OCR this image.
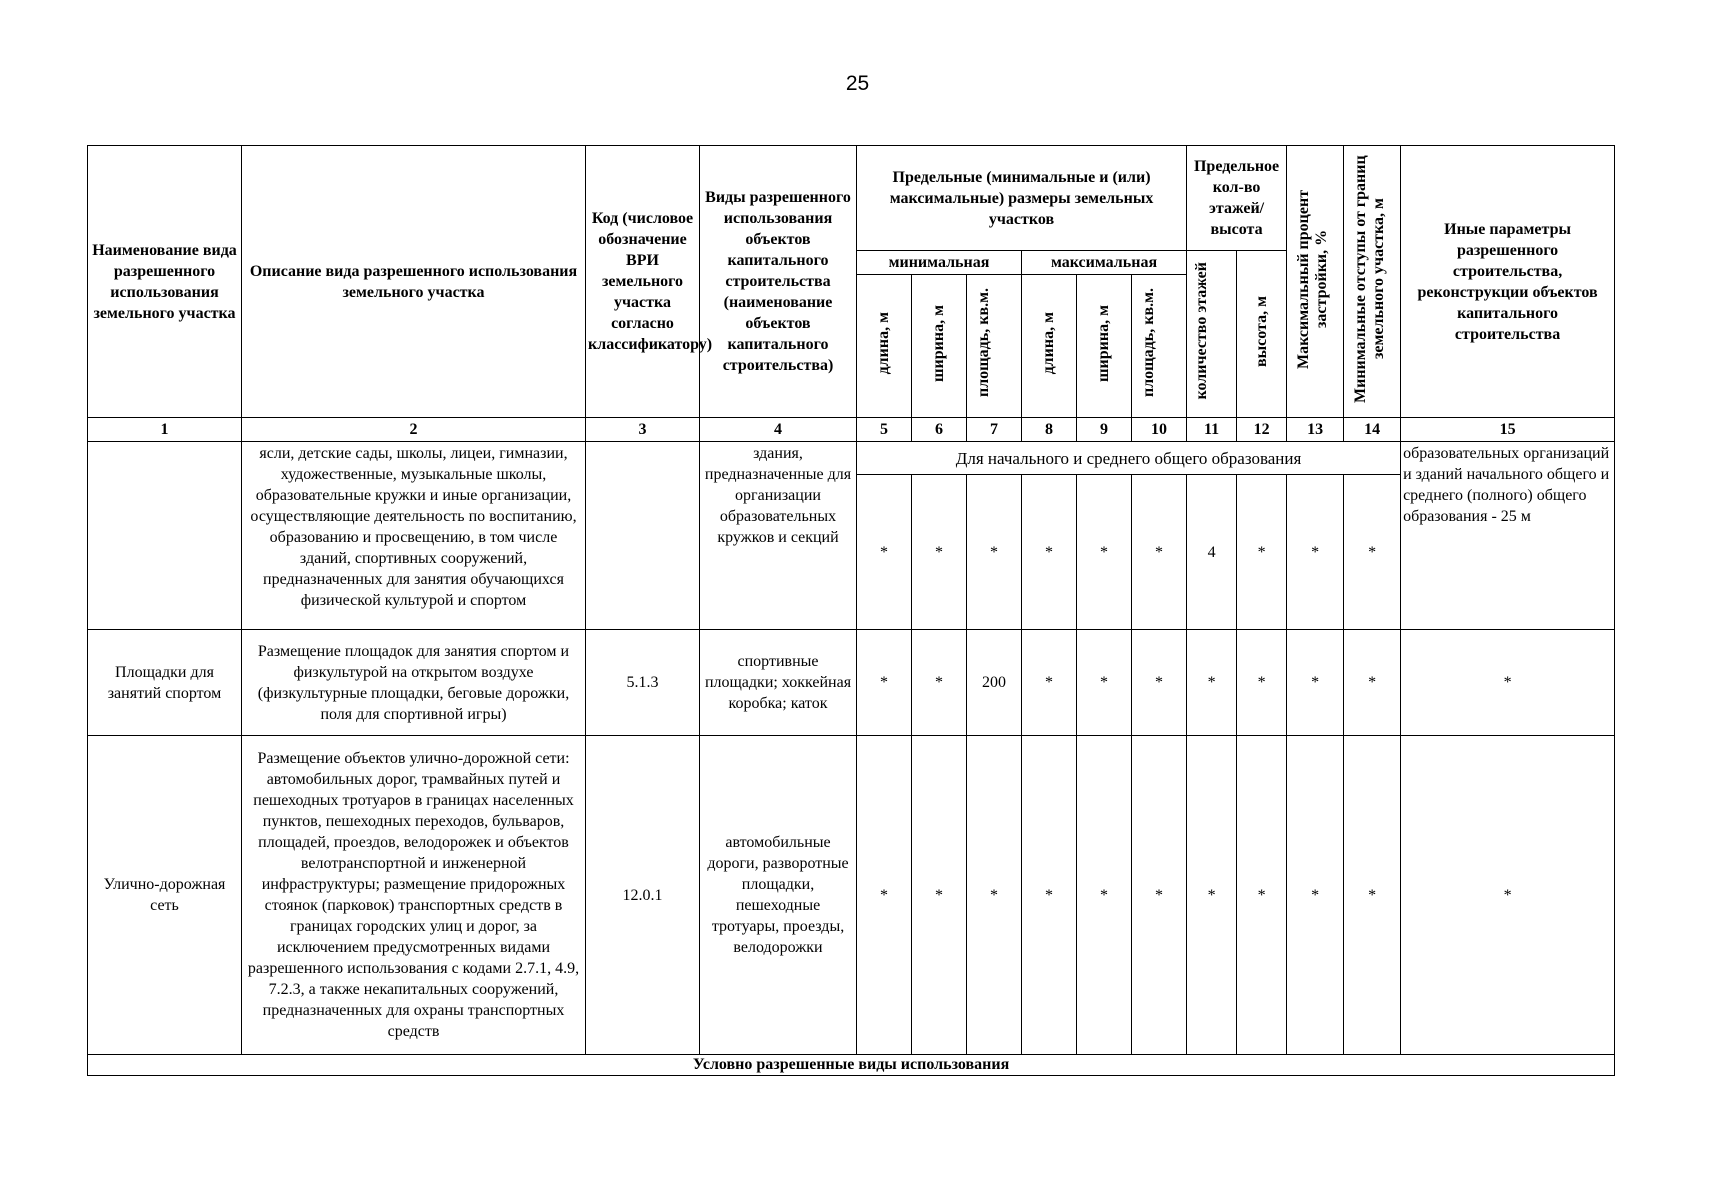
25
Наименование вида разрешенного использования земельного участка	Описание вида разрешенного использования земельного участка	Код (числовое обозначение ВРИ земельного участка согласно классификатору)	Виды разрешенного использования объектов капитального строительства (наименование объектов капитального строительства)	Предельные (минимальные и (или) максимальные) размеры земельных участков						Предельное кол-во этажей/ высота		Максимальный процент застройки, %	Минимальные отступы от границ земельного участка, м	Иные параметры разрешенного строительства, реконструкции объектов капитального строительства
				минимальная			максимальная			количество этажей	высота, м			
				длина, м	ширина, м	площадь, кв.м.	длина, м	ширина, м	площадь, кв.м.					
1	2	3	4	5	6	7	8	9	10	11	12	13	14	15
	ясли, детские сады, школы, лицеи, гимназии, художественные, музыкальные школы, образовательные кружки и иные организации, осуществляющие деятельность по воспитанию, образованию и просвещению, в том числе зданий, спортивных сооружений, предназначенных для занятия обучающихся физической культурой и спортом		здания, предназначенные для организации образовательных кружков и секций	Для начального и среднего общего образования										образовательных организаций и зданий начального общего и среднего (полного) общего образования - 25 м
				*	*	*	*	*	*	4	*	*	*	
Площадки для занятий спортом	Размещение площадок для занятия спортом и физкультурой на открытом воздухе (физкультурные площадки, беговые дорожки, поля для спортивной игры)	5.1.3	спортивные площадки; хоккейная коробка; каток	*	*	200	*	*	*	*	*	*	*	*
Улично-дорожная сеть	Размещение объектов улично-дорожной сети: автомобильных дорог, трамвайных путей и пешеходных тротуаров в границах населенных пунктов, пешеходных переходов, бульваров, площадей, проездов, велодорожек и объектов велотранспортной и инженерной инфраструктуры; размещение придорожных стоянок (парковок) транспортных средств в границах городских улиц и дорог, за исключением предусмотренных видами разрешенного использования с кодами 2.7.1, 4.9, 7.2.3, а также некапитальных сооружений, предназначенных для охраны транспортных средств	12.0.1	автомобильные дороги, разворотные площадки, пешеходные тротуары, проезды, велодорожки	*	*	*	*	*	*	*	*	*	*	*
Условно разрешенные виды использования														
